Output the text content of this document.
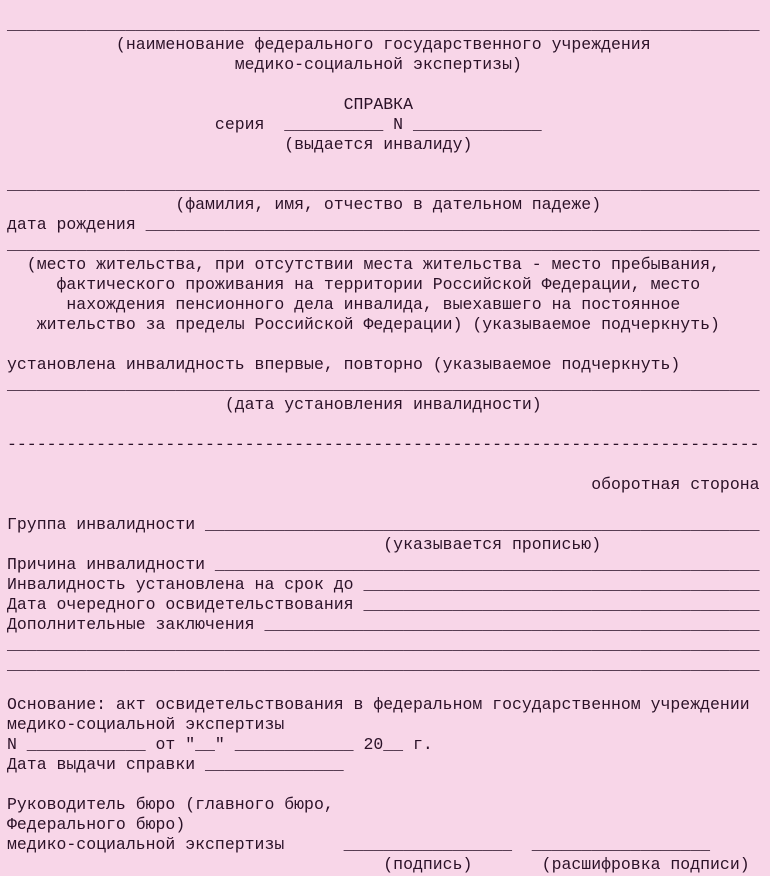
____________________________________________________________________________
(наименование федерального государственного учреждения
медико-социальной экспертизы)
СПРАВКА
серия  __________ N _____________
(выдается инвалиду)
____________________________________________________________________________
(фамилия, имя, отчество в дательном падеже)
дата рождения ______________________________________________________________
____________________________________________________________________________
(место жительства, при отсутствии места жительства - место пребывания,
фактического проживания на территории Российской Федерации, место
нахождения пенсионного дела инвалида, выехавшего на постоянное
жительство за пределы Российской Федерации) (указываемое подчеркнуть)
установлена инвалидность впервые, повторно (указываемое подчеркнуть)
____________________________________________________________________________
(дата установления инвалидности)
----------------------------------------------------------------------------
оборотная сторона
Группа инвалидности ________________________________________________________
(указывается прописью)
Причина инвалидности _______________________________________________________
Инвалидность установлена на срок до ________________________________________
Дата очередного освидетельствования ________________________________________
Дополнительные заключения __________________________________________________
____________________________________________________________________________
____________________________________________________________________________
Основание: акт освидетельствования в федеральном государственном учреждении
медико-социальной экспертизы
N ____________ от "__" ____________ 20__ г.
Дата выдачи справки ______________
Руководитель бюро (главного бюро,
Федерального бюро)
медико-социальной экспертизы      _________________  __________________
(подпись)       (расшифровка подписи)
